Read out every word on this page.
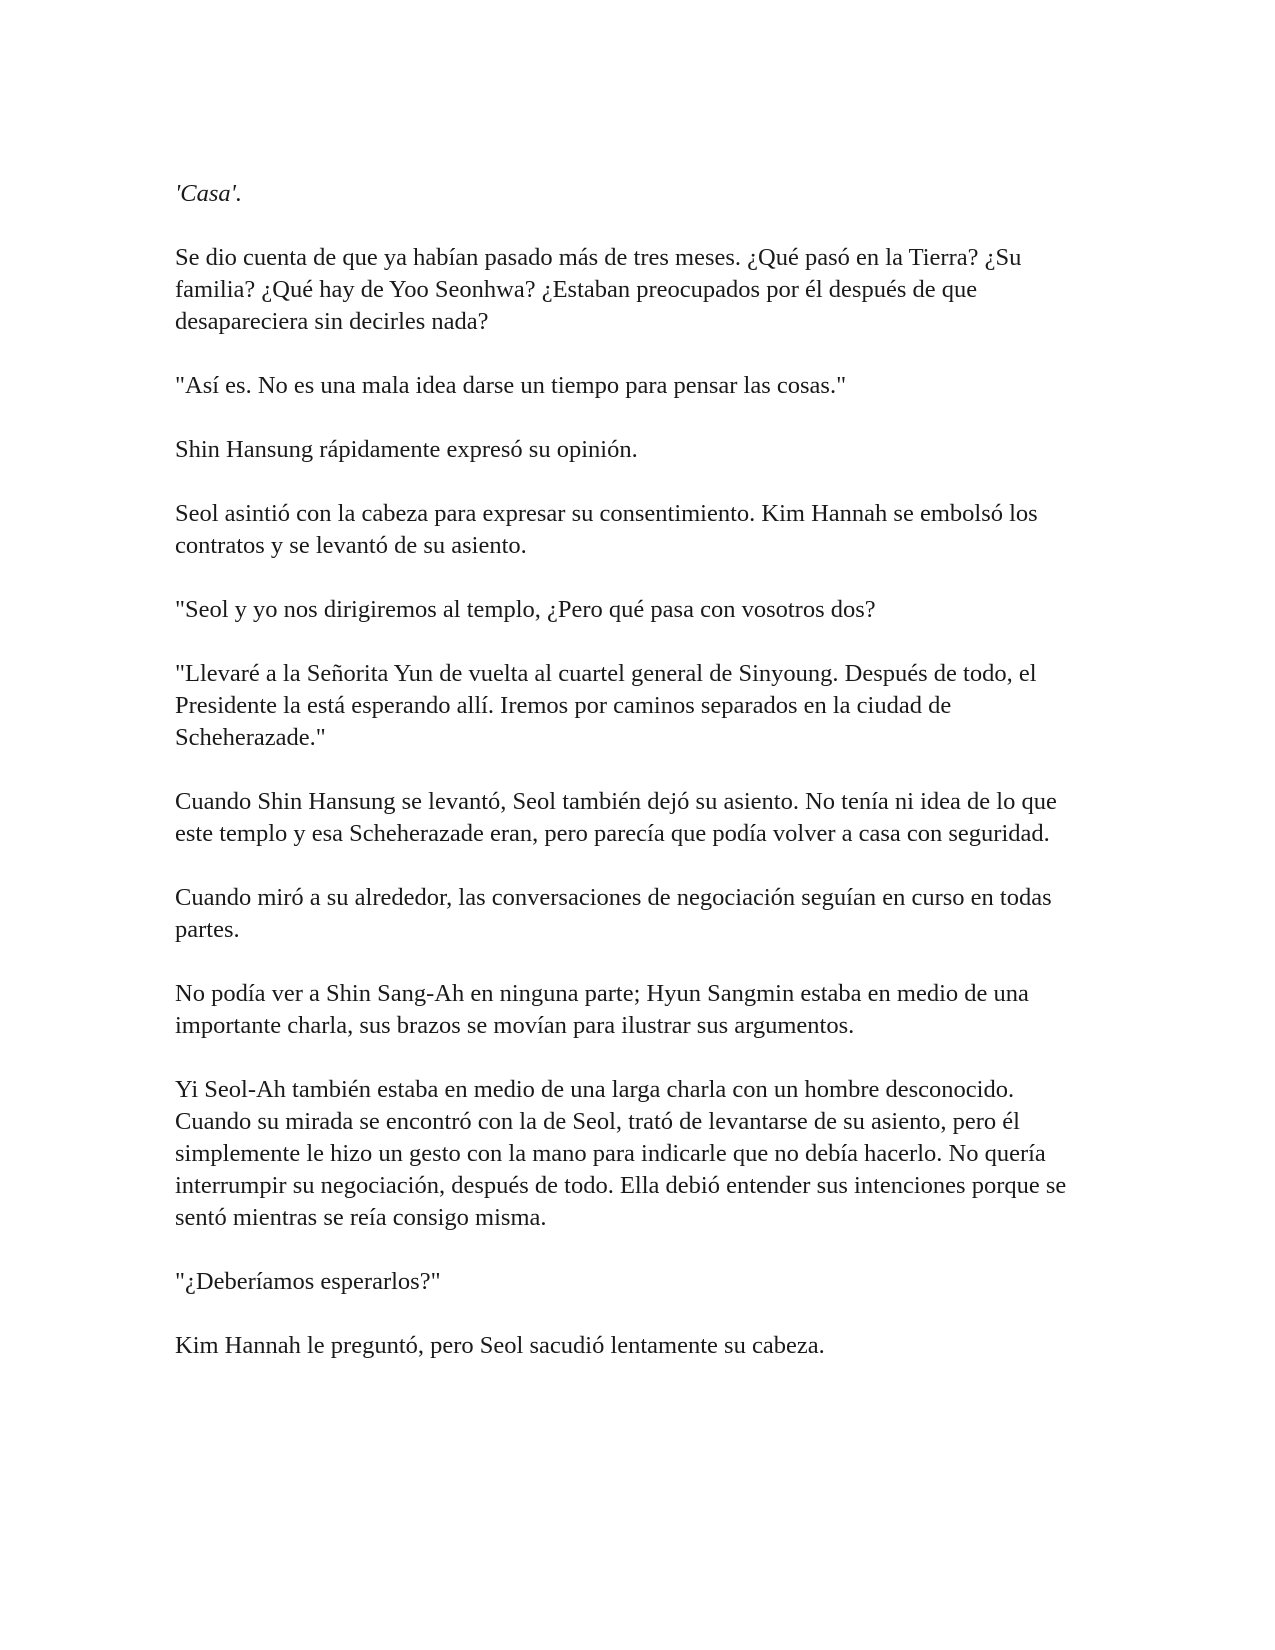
'Casa'.

Se dio cuenta de que ya habían pasado más de tres meses. ¿Qué pasó en la Tierra? ¿Su familia? ¿Qué hay de Yoo Seonhwa? ¿Estaban preocupados por él después de que desapareciera sin decirles nada?

"Así es. No es una mala idea darse un tiempo para pensar las cosas."

Shin Hansung rápidamente expresó su opinión.

Seol asintió con la cabeza para expresar su consentimiento. Kim Hannah se embolsó los contratos y se levantó de su asiento.

"Seol y yo nos dirigiremos al templo, ¿Pero qué pasa con vosotros dos?

"Llevaré a la Señorita Yun de vuelta al cuartel general de Sinyoung. Después de todo, el Presidente la está esperando allí. Iremos por caminos separados en la ciudad de Scheherazade."

Cuando Shin Hansung se levantó, Seol también dejó su asiento. No tenía ni idea de lo que este templo y esa Scheherazade eran, pero parecía que podía volver a casa con seguridad.

Cuando miró a su alrededor, las conversaciones de negociación seguían en curso en todas partes.

No podía ver a Shin Sang-Ah en ninguna parte; Hyun Sangmin estaba en medio de una importante charla, sus brazos se movían para ilustrar sus argumentos.

Yi Seol-Ah también estaba en medio de una larga charla con un hombre desconocido. Cuando su mirada se encontró con la de Seol, trató de levantarse de su asiento, pero él simplemente le hizo un gesto con la mano para indicarle que no debía hacerlo. No quería interrumpir su negociación, después de todo. Ella debió entender sus intenciones porque se sentó mientras se reía consigo misma.

"¿Deberíamos esperarlos?"

Kim Hannah le preguntó, pero Seol sacudió lentamente su cabeza.
